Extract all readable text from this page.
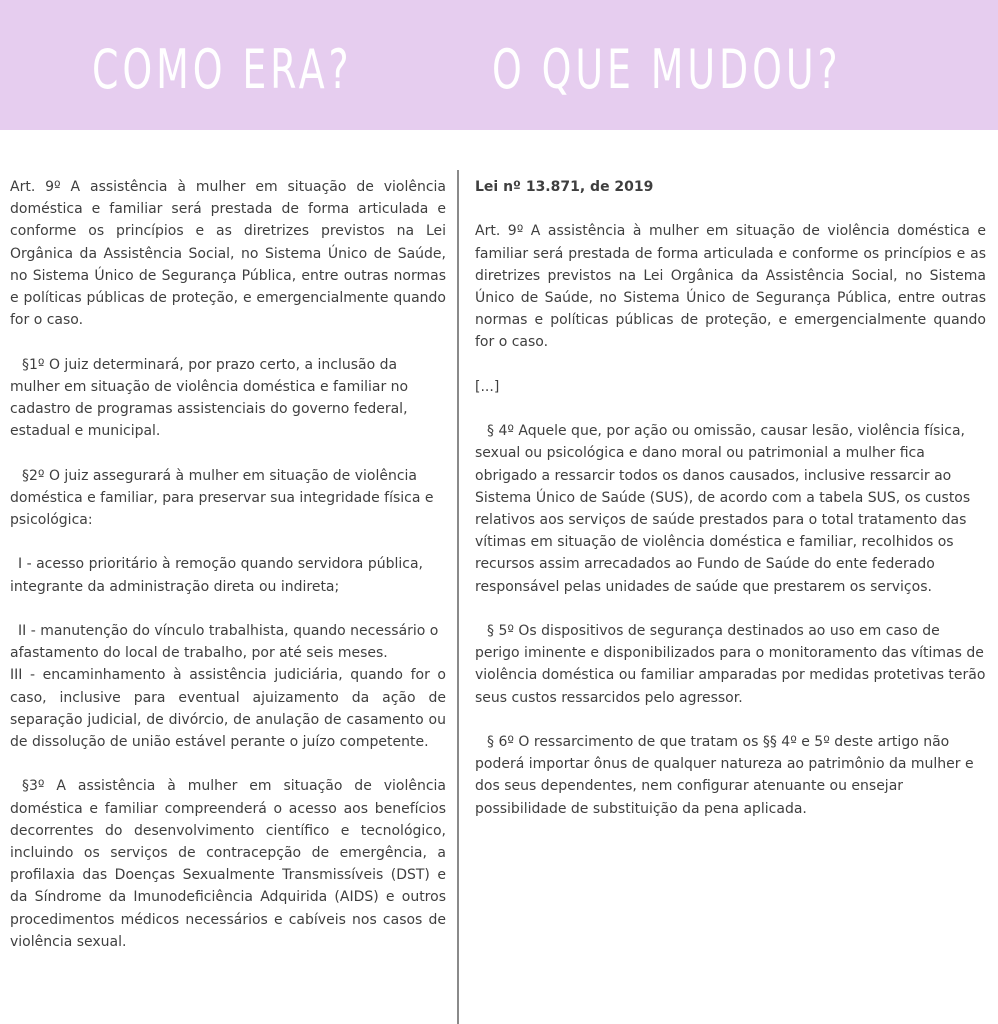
COMO ERA?	O QUE MUDOU?

Art. 9º A assistência à mulher em situação de violência doméstica e familiar será prestada de forma articulada e conforme os princípios e as diretrizes previstos na Lei Orgânica da Assistência Social, no Sistema Único de Saúde, no Sistema Único de Segurança Pública, entre outras normas e políticas públicas de proteção, e emergencialmente quando for o caso.

§1º O juiz determinará, por prazo certo, a inclusão da mulher em situação de violência doméstica e familiar no cadastro de programas assistenciais do governo federal, estadual e municipal.

§2º O juiz assegurará à mulher em situação de violência doméstica e familiar, para preservar sua integridade física e psicológica:

I - acesso prioritário à remoção quando servidora pública, integrante da administração direta ou indireta;

II - manutenção do vínculo trabalhista, quando necessário o afastamento do local de trabalho, por até seis meses.

III - encaminhamento à assistência judiciária, quando for o caso, inclusive para eventual ajuizamento da ação de separação judicial, de divórcio, de anulação de casamento ou de dissolução de união estável perante o juízo competente.

§3º A assistência à mulher em situação de violência doméstica e familiar compreenderá o acesso aos benefícios decorrentes do desenvolvimento científico e tecnológico, incluindo os serviços de contracepção de emergência, a profilaxia das Doenças Sexualmente Transmissíveis (DST) e da Síndrome da Imunodeficiência Adquirida (AIDS) e outros procedimentos médicos necessários e cabíveis nos casos de violência sexual.

Lei nº 13.871, de 2019

Art. 9º A assistência à mulher em situação de violência doméstica e familiar será prestada de forma articulada e conforme os princípios e as diretrizes previstos na Lei Orgânica da Assistência Social, no Sistema Único de Saúde, no Sistema Único de Segurança Pública, entre outras normas e políticas públicas de proteção, e emergencialmente quando for o caso.

[...]

§ 4º Aquele que, por ação ou omissão, causar lesão, violência física, sexual ou psicológica e dano moral ou patrimonial a mulher fica obrigado a ressarcir todos os danos causados, inclusive ressarcir ao Sistema Único de Saúde (SUS), de acordo com a tabela SUS, os custos relativos aos serviços de saúde prestados para o total tratamento das vítimas em situação de violência doméstica e familiar, recolhidos os recursos assim arrecadados ao Fundo de Saúde do ente federado responsável pelas unidades de saúde que prestarem os serviços.

§ 5º Os dispositivos de segurança destinados ao uso em caso de perigo iminente e disponibilizados para o monitoramento das vítimas de violência doméstica ou familiar amparadas por medidas protetivas terão seus custos ressarcidos pelo agressor.

§ 6º O ressarcimento de que tratam os §§ 4º e 5º deste artigo não poderá importar ônus de qualquer natureza ao patrimônio da mulher e dos seus dependentes, nem configurar atenuante ou ensejar possibilidade de substituição da pena aplicada.
